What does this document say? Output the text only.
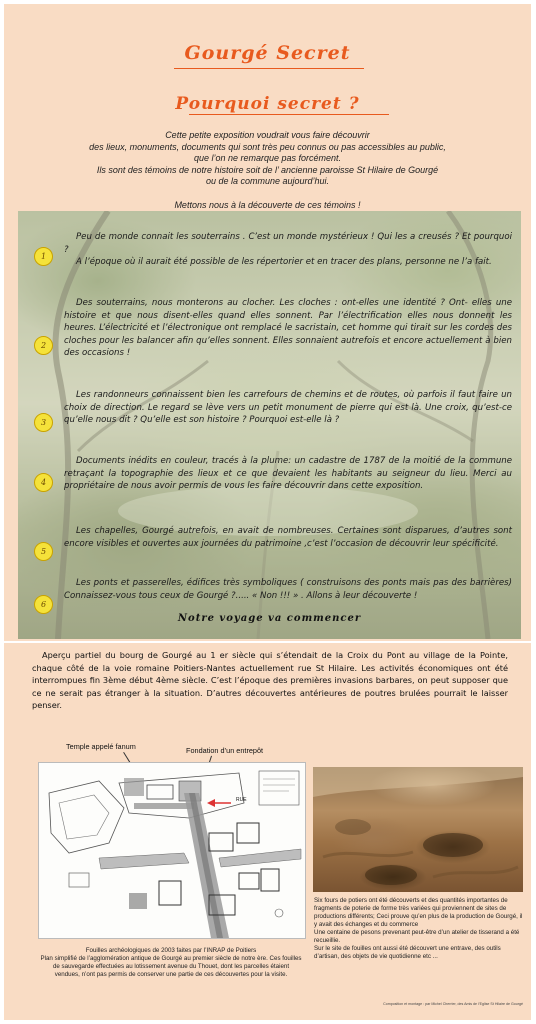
Gourgé Secret
Pourquoi secret ?

Cette petite exposition voudrait vous faire découvrir

des lieux, monuments, documents qui sont très peu connus ou pas accessibles au public,

que l’on ne remarque pas forcément.

Ils sont des témoins de notre histoire soit de l’ ancienne paroisse St Hilaire de Gourgé

ou de la commune aujourd’hui.

Mettons nous à la découverte de ces témoins !

1

Peu de monde connait les souterrains . C’est un monde mystérieux ! Qui les a creusés ? Et pourquoi ?

A l’époque où il aurait été possible de les répertorier et en tracer des plans, personne ne l’a fait.

2

Des souterrains, nous monterons au clocher. Les cloches : ont-elles une identité ? Ont- elles une histoire et que nous disent-elles quand elles sonnent. Par l’électrification elles nous donnent les heures. L’électricité et l’électronique ont remplacé le sacristain, cet homme qui tirait sur les cordes des cloches pour les balancer afin qu’elles sonnent. Elles sonnaient autrefois et encore actuellement à bien des occasions !

3

Les randonneurs connaissent bien les carrefours de chemins et de routes, où parfois il faut faire un choix de direction. Le regard se lève vers un petit monument de pierre qui est là. Une croix, qu’est-ce qu’elle nous dit ? Qu’elle est son histoire ? Pourquoi est-elle là ?

4

Documents inédits en couleur, tracés à la plume: un cadastre de 1787 de la moitié de la commune retraçant la topographie des lieux et ce que devaient les habitants au seigneur du lieu. Merci au propriétaire de nous avoir permis de vous les faire découvrir dans cette exposition.

5

Les chapelles, Gourgé autrefois, en avait de nombreuses. Certaines sont disparues, d’autres sont encore visibles et ouvertes aux journées du patrimoine ,c’est l’occasion de découvrir leur spécificité.

6

Les ponts et passerelles, édifices très symboliques ( construisons des ponts mais pas des barrières) Connaissez-vous tous ceux de Gourgé ?..... « Non !!! » . Allons à leur découverte !

Notre voyage va commencer

Aperçu partiel du bourg de Gourgé au 1 er siècle qui s’étendait de la Croix du Pont au village de la Pointe, chaque côté de la voie romaine Poitiers-Nantes actuellement rue St Hilaire. Les activités économiques ont été interrompues fin 3ème début 4ème siècle. C’est l’époque des premières invasions barbares, on peut supposer que ce ne serait pas étranger à la situation. D’autres découvertes antérieures de poutres brulées pourrait le laisser penser.

Temple appelé fanum	Fondation d’un entrepôt
RUE

Fouilles archéologiques de 2003 faites par l’INRAP de Poitiers

Plan simplifié de l’agglomération antique de Gourgé au premier siècle de notre ère. Ces fouilles de sauvegarde effectuées au lotissement avenue du Thouet, dont les parcelles étaient vendues, n’ont pas permis de conserver une partie de ces découvertes pour la visite.

Six fours de potiers ont été découverts et des quantités importantes de fragments de poterie de forme très variées qui proviennent de sites de productions différents; Ceci prouve qu’en plus de la production de Gourgé, il y avait des échanges et du commerce

Une centaine de pesons prevenant peut-être d’un atelier de tisserand a été recueillie.

Sur le site de fouilles ont aussi été découvert une entrave, des outils d’artisan, des objets de vie quotidienne etc ...

Composition et montage : par Michel Cherrier, des Amis de l’Eglise St Hilaire de Gourgé
